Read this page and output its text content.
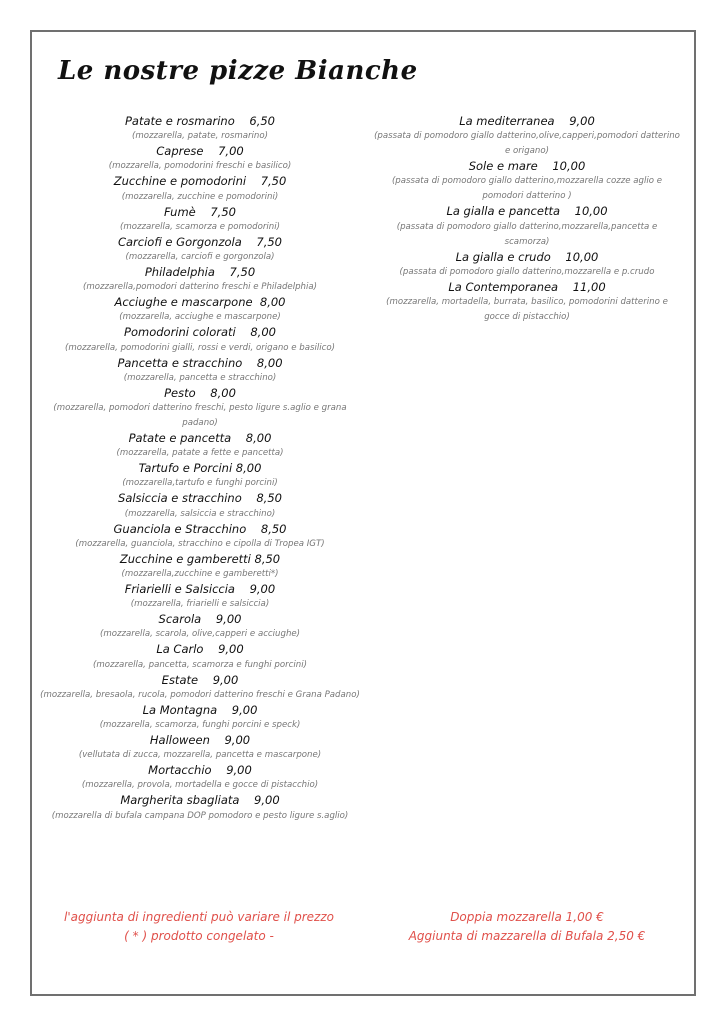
Le nostre pizze Bianche
Patate e rosmarino    6,50
(mozzarella, patate, rosmarino)
Caprese    7,00
(mozzarella, pomodorini freschi e basilico)
Zucchine e pomodorini    7,50
(mozzarella, zucchine e pomodorini)
Fumè    7,50
(mozzarella, scamorza e pomodorini)
Carciofi e Gorgonzola    7,50
(mozzarella, carciofi e gorgonzola)
Philadelphia    7,50
(mozzarella,pomodori datterino freschi e Philadelphia)
Acciughe e mascarpone  8,00
(mozzarella, acciughe e mascarpone)
Pomodorini colorati    8,00
(mozzarella, pomodorini gialli, rossi e verdi, origano e basilico)
Pancetta e stracchino    8,00
(mozzarella, pancetta e stracchino)
Pesto    8,00
(mozzarella, pomodori datterino freschi, pesto ligure s.aglio e grana padano)
Patate e pancetta    8,00
(mozzarella, patate a fette e pancetta)
Tartufo e Porcini 8,00
(mozzarella,tartufo e funghi porcini)
Salsiccia e stracchino    8,50
(mozzarella, salsiccia e stracchino)
Guanciola e Stracchino    8,50
(mozzarella, guanciola, stracchino e cipolla di Tropea IGT)
Zucchine e gamberetti 8,50
(mozzarella,zucchine e gamberetti*)
Friarielli e Salsiccia    9,00
(mozzarella, friarielli e salsiccia)
Scarola    9,00
(mozzarella, scarola, olive,capperi e acciughe)
La Carlo    9,00
(mozzarella, pancetta, scamorza e funghi porcini)
Estate    9,00
(mozzarella, bresaola, rucola, pomodori datterino freschi e Grana Padano)
La Montagna    9,00
(mozzarella, scamorza, funghi porcini e speck)
Halloween    9,00
(vellutata di zucca, mozzarella, pancetta e mascarpone)
Mortacchio    9,00
(mozzarella, provola, mortadella e gocce di pistacchio)
Margherita sbagliata    9,00
(mozzarella di bufala campana DOP pomodoro e pesto ligure s.aglio)
La mediterranea    9,00
(passata di pomodoro giallo datterino,olive,capperi,pomodori datterino e origano)
Sole e mare    10,00
(passata di pomodoro giallo datterino,mozzarella cozze aglio e pomodori datterino )
La gialla e pancetta    10,00
(passata di pomodoro giallo datterino,mozzarella,pancetta e scamorza)
La gialla e crudo    10,00
(passata di pomodoro giallo datterino,mozzarella e p.crudo
La Contemporanea    11,00
(mozzarella, mortadella, burrata, basilico, pomodorini datterino e gocce di pistacchio)
l'aggiunta di ingredienti può variare il prezzo
( * ) prodotto congelato -
Doppia mozzarella 1,00 €
Aggiunta di mazzarella di Bufala 2,50 €
